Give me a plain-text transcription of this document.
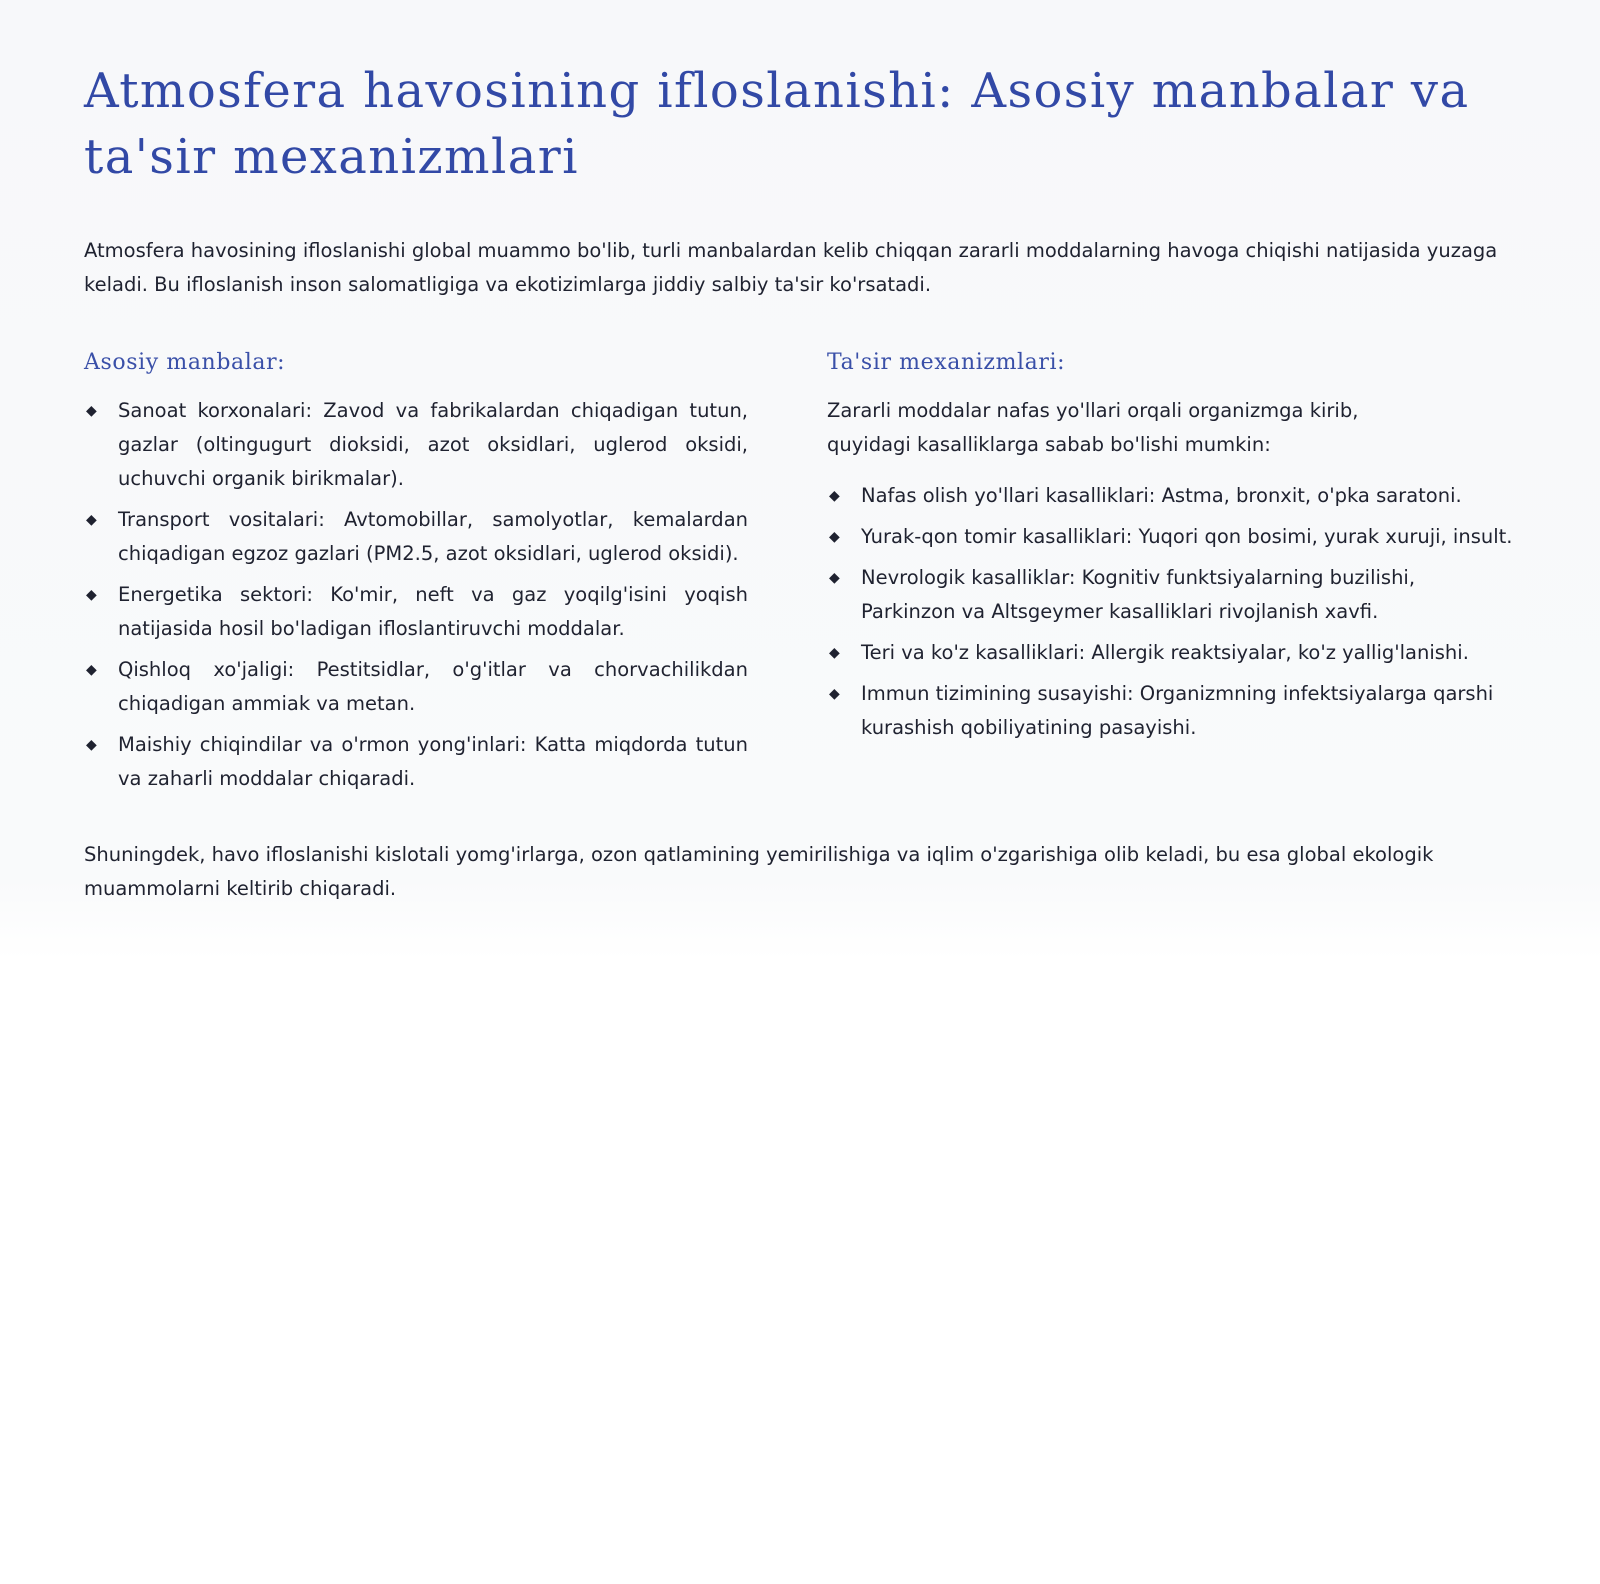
Atmosfera havosining ifloslanishi: Asosiy manbalar va ta'sir mexanizmlari

Atmosfera havosining ifloslanishi global muammo bo'lib, turli manbalardan kelib chiqqan zararli moddalarning havoga chiqishi natijasida yuzaga keladi. Bu ifloslanish inson salomatligiga va ekotizimlarga jiddiy salbiy ta'sir ko'rsatadi.

Asosiy manbalar:
◆ Sanoat korxonalari: Zavod va fabrikalardan chiqadigan tutun, gazlar (oltingugurt dioksidi, azot oksidlari, uglerod oksidi, uchuvchi organik birikmalar).
◆ Transport vositalari: Avtomobillar, samolyotlar, kemalardan chiqadigan egzoz gazlari (PM2.5, azot oksidlari, uglerod oksidi).
◆ Energetika sektori: Ko'mir, neft va gaz yoqilg'isini yoqish natijasida hosil bo'ladigan ifloslantiruvchi moddalar.
◆ Qishloq xo'jaligi: Pestitsidlar, o'g'itlar va chorvachilikdan chiqadigan ammiak va metan.
◆ Maishiy chiqindilar va o'rmon yong'inlari: Katta miqdorda tutun va zaharli moddalar chiqaradi.
Ta'sir mexanizmlari:

Zararli moddalar nafas yo'llari orqali organizmga kirib, quyidagi kasalliklarga sabab bo'lishi mumkin:

◆ Nafas olish yo'llari kasalliklari: Astma, bronxit, o'pka saratoni.
◆ Yurak-qon tomir kasalliklari: Yuqori qon bosimi, yurak xuruji, insult.
◆ Nevrologik kasalliklar: Kognitiv funktsiyalarning buzilishi, Parkinzon va Altsgeymer kasalliklari rivojlanish xavfi.
◆ Teri va ko'z kasalliklari: Allergik reaktsiyalar, ko'z yallig'lanishi.
◆ Immun tizimining susayishi: Organizmning infektsiyalarga qarshi kurashish qobiliyatining pasayishi.

Shuningdek, havo ifloslanishi kislotali yomg'irlarga, ozon qatlamining yemirilishiga va iqlim o'zgarishiga olib keladi, bu esa global ekologik muammolarni keltirib chiqaradi.
